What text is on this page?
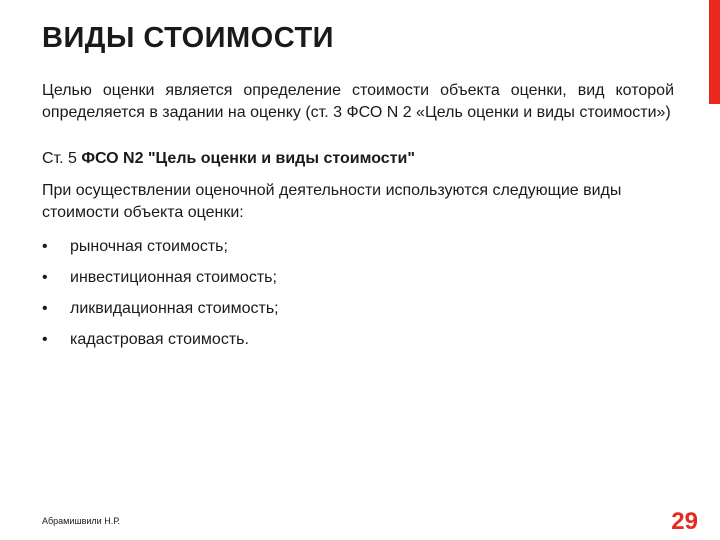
ВИДЫ СТОИМОСТИ

Целью оценки является определение стоимости объекта оценки, вид которой определяется в задании на оценку (ст. 3 ФСО N 2 «Цель оценки и виды стоимости»)

Ст. 5 ФСО N2 "Цель оценки и виды стоимости"

При осуществлении оценочной деятельности используются следующие виды стоимости объекта оценки:

• рыночная стоимость;
• инвестиционная стоимость;
• ликвидационная стоимость;
• кадастровая стоимость.
Абрамишвили Н.Р.	29
